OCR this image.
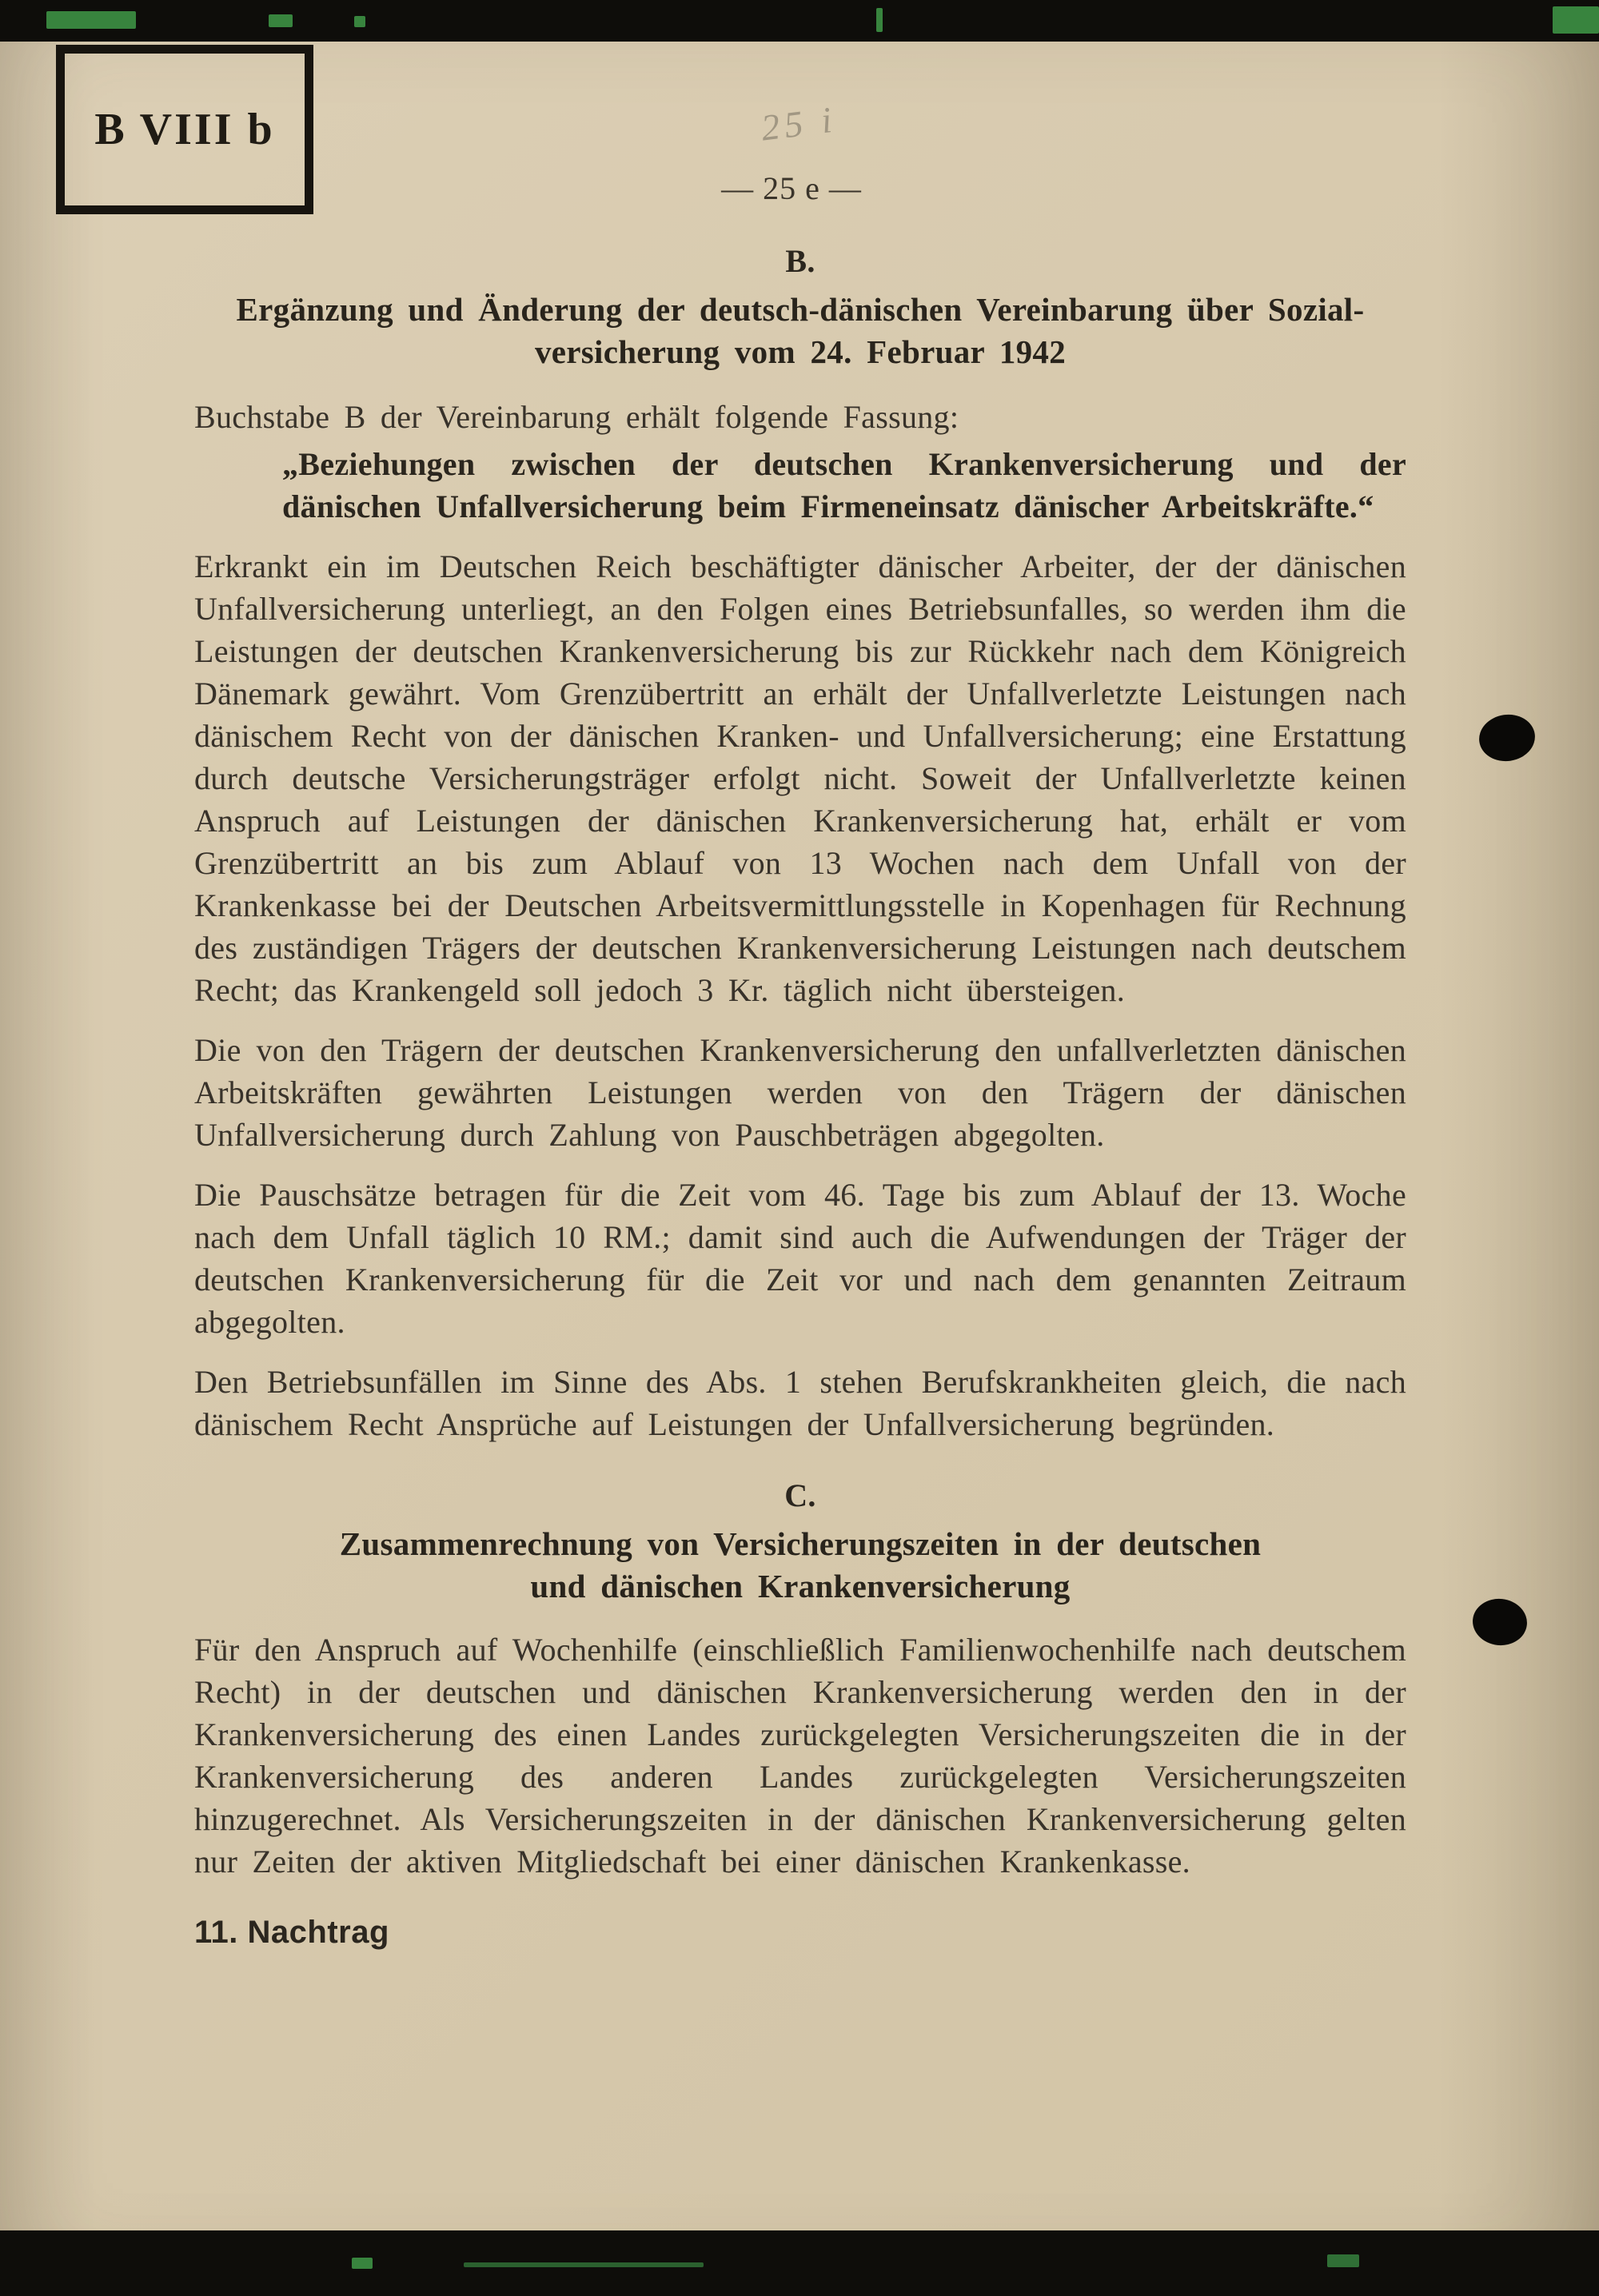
B VIII b
— 25 e —
25 i
B.
Ergänzung und Änderung der deutsch-dänischen Vereinbarung über Sozial-
versicherung vom 24. Februar 1942

Buchstabe B der Vereinbarung erhält folgende Fassung:

„Beziehungen zwischen der deutschen Krankenversicherung und der dänischen Unfallversicherung beim Firmeneinsatz dänischer Arbeitskräfte.“

Erkrankt ein im Deutschen Reich beschäftigter dänischer Arbeiter, der der dänischen Unfallversicherung unterliegt, an den Folgen eines Betriebsunfalles, so werden ihm die Leistungen der deutschen Krankenversicherung bis zur Rückkehr nach dem Königreich Dänemark gewährt. Vom Grenzübertritt an erhält der Unfallverletzte Leistungen nach dänischem Recht von der dänischen Kranken- und Unfallversicherung; eine Erstattung durch deutsche Versicherungsträger erfolgt nicht. Soweit der Unfallverletzte keinen Anspruch auf Leistungen der dänischen Krankenversicherung hat, erhält er vom Grenzübertritt an bis zum Ablauf von 13 Wochen nach dem Unfall von der Krankenkasse bei der Deutschen Arbeitsvermittlungsstelle in Kopenhagen für Rechnung des zuständigen Trägers der deutschen Krankenversicherung Leistungen nach deutschem Recht; das Krankengeld soll jedoch 3 Kr. täglich nicht übersteigen.

Die von den Trägern der deutschen Krankenversicherung den unfallverletzten dänischen Arbeitskräften gewährten Leistungen werden von den Trägern der dänischen Unfallversicherung durch Zahlung von Pauschbeträgen abgegolten.

Die Pauschsätze betragen für die Zeit vom 46. Tage bis zum Ablauf der 13. Woche nach dem Unfall täglich 10 RM.; damit sind auch die Aufwendungen der Träger der deutschen Krankenversicherung für die Zeit vor und nach dem genannten Zeitraum abgegolten.

Den Betriebsunfällen im Sinne des Abs. 1 stehen Berufskrankheiten gleich, die nach dänischem Recht Ansprüche auf Leistungen der Unfallversicherung begründen.

C.
Zusammenrechnung von Versicherungszeiten in der deutschen
und dänischen Krankenversicherung

Für den Anspruch auf Wochenhilfe (einschließlich Familienwochenhilfe nach deutschem Recht) in der deutschen und dänischen Krankenversicherung werden den in der Krankenversicherung des einen Landes zurückgelegten Versicherungszeiten die in der Krankenversicherung des anderen Landes zurückgelegten Versicherungszeiten hinzugerechnet. Als Versicherungszeiten in der dänischen Krankenversicherung gelten nur Zeiten der aktiven Mitgliedschaft bei einer dänischen Krankenkasse.

11. Nachtrag
